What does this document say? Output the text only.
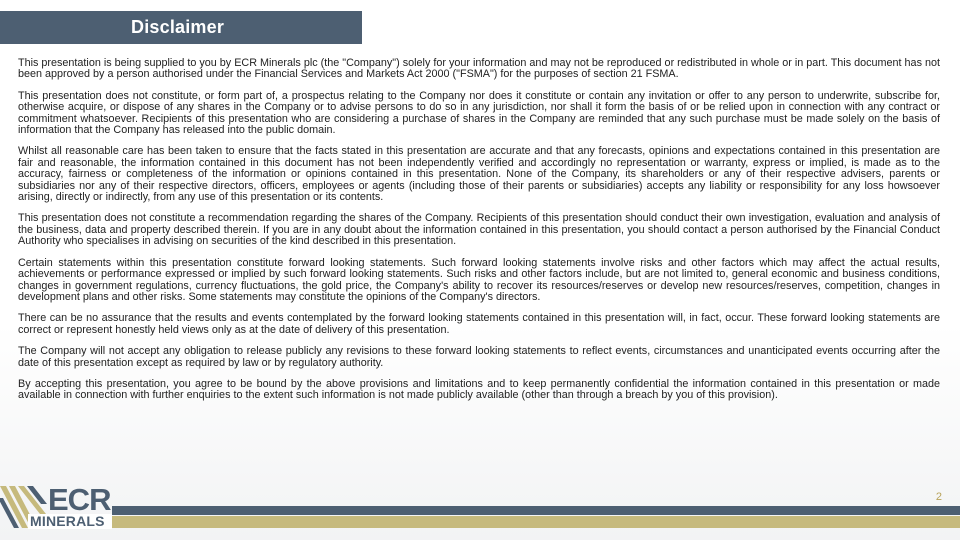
Disclaimer

This presentation is being supplied to you by ECR Minerals plc (the "Company") solely for your information and may not be reproduced or redistributed in whole or in part. This document has not been approved by a person authorised under the Financial Services and Markets Act 2000 ("FSMA") for the purposes of section 21 FSMA.

This presentation does not constitute, or form part of, a prospectus relating to the Company nor does it constitute or contain any invitation or offer to any person to underwrite, subscribe for, otherwise acquire, or dispose of any shares in the Company or to advise persons to do so in any jurisdiction, nor shall it form the basis of or be relied upon in connection with any contract or commitment whatsoever. Recipients of this presentation who are considering a purchase of shares in the Company are reminded that any such purchase must be made solely on the basis of information that the Company has released into the public domain.

Whilst all reasonable care has been taken to ensure that the facts stated in this presentation are accurate and that any forecasts, opinions and expectations contained in this presentation are fair and reasonable, the information contained in this document has not been independently verified and accordingly no representation or warranty, express or implied, is made as to the accuracy, fairness or completeness of the information or opinions contained in this presentation. None of the Company, its shareholders or any of their respective advisers, parents or subsidiaries nor any of their respective directors, officers, employees or agents (including those of their parents or subsidiaries) accepts any liability or responsibility for any loss howsoever arising, directly or indirectly, from any use of this presentation or its contents.

This presentation does not constitute a recommendation regarding the shares of the Company. Recipients of this presentation should conduct their own investigation, evaluation and analysis of the business, data and property described therein. If you are in any doubt about the information contained in this presentation, you should contact a person authorised by the Financial Conduct Authority who specialises in advising on securities of the kind described in this presentation.

Certain statements within this presentation constitute forward looking statements. Such forward looking statements involve risks and other factors which may affect the actual results, achievements or performance expressed or implied by such forward looking statements. Such risks and other factors include, but are not limited to, general economic and business conditions, changes in government regulations, currency fluctuations, the gold price, the Company's ability to recover its resources/reserves or develop new resources/reserves, competition, changes in development plans and other risks. Some statements may constitute the opinions of the Company's directors.

There can be no assurance that the results and events contemplated by the forward looking statements contained in this presentation will, in fact, occur. These forward looking statements are correct or represent honestly held views only as at the date of delivery of this presentation.

The Company will not accept any obligation to release publicly any revisions to these forward looking statements to reflect events, circumstances and unanticipated events occurring after the date of this presentation except as required by law or by regulatory authority.

By accepting this presentation, you agree to be bound by the above provisions and limitations and to keep permanently confidential the information contained in this presentation or made available in connection with further enquiries to the extent such information is not made publicly available (other than through a breach by you of this provision).

ECR
MINERALS
2
